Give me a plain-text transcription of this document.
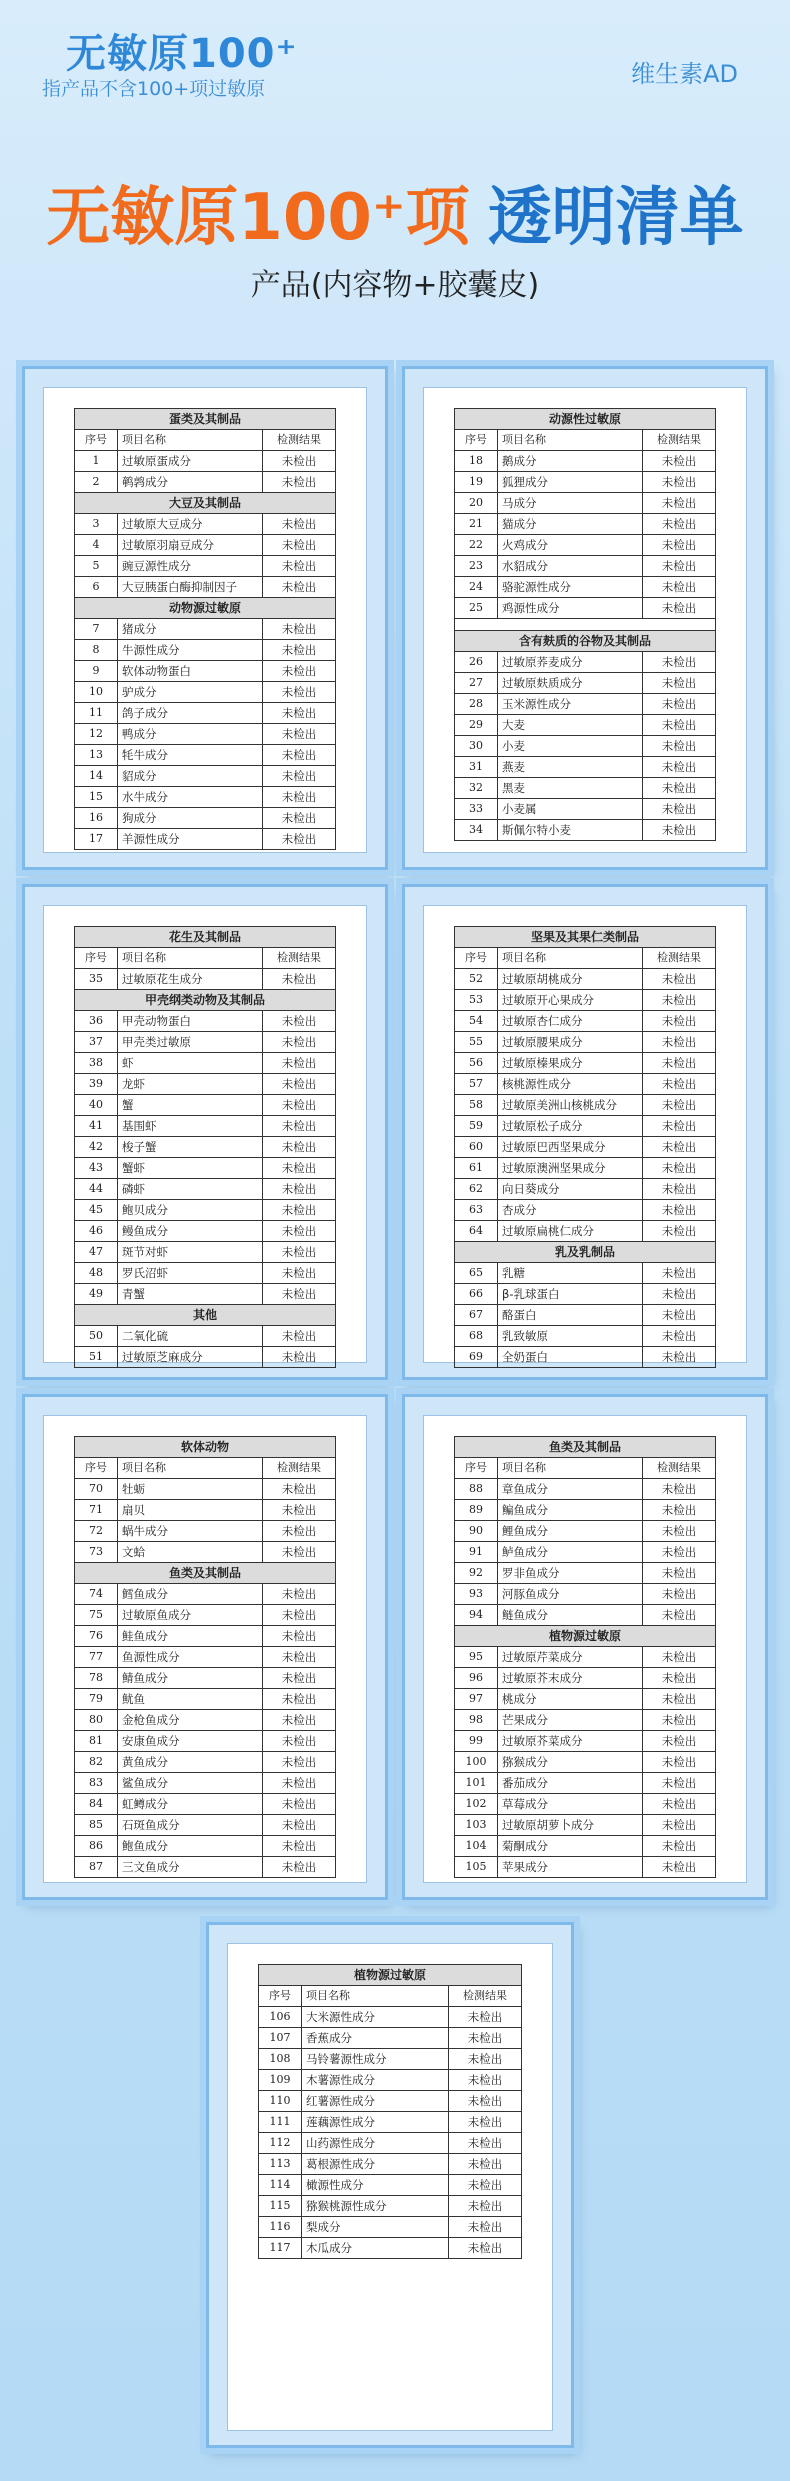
无敏原100⁺
指产品不含100+项过敏原
维生素AD
无敏原100⁺项 透明清单
产品(内容物+胶囊皮)
蛋类及其制品		
序号	项目名称	检测结果
1	过敏原蛋成分	未检出
2	鹌鹑成分	未检出
大豆及其制品		
3	过敏原大豆成分	未检出
4	过敏原羽扇豆成分	未检出
5	豌豆源性成分	未检出
6	大豆胰蛋白酶抑制因子	未检出
动物源过敏原		
7	猪成分	未检出
8	牛源性成分	未检出
9	软体动物蛋白	未检出
10	驴成分	未检出
11	鸽子成分	未检出
12	鸭成分	未检出
13	牦牛成分	未检出
14	貂成分	未检出
15	水牛成分	未检出
16	狗成分	未检出
17	羊源性成分	未检出
动源性过敏原		
序号	项目名称	检测结果
18	鹅成分	未检出
19	狐狸成分	未检出
20	马成分	未检出
21	猫成分	未检出
22	火鸡成分	未检出
23	水貂成分	未检出
24	骆驼源性成分	未检出
25	鸡源性成分	未检出

含有麸质的谷物及其制品		
26	过敏原荞麦成分	未检出
27	过敏原麸质成分	未检出
28	玉米源性成分	未检出
29	大麦	未检出
30	小麦	未检出
31	燕麦	未检出
32	黑麦	未检出
33	小麦属	未检出
34	斯佩尔特小麦	未检出
花生及其制品		
序号	项目名称	检测结果
35	过敏原花生成分	未检出
甲壳纲类动物及其制品		
36	甲壳动物蛋白	未检出
37	甲壳类过敏原	未检出
38	虾	未检出
39	龙虾	未检出
40	蟹	未检出
41	基围虾	未检出
42	梭子蟹	未检出
43	蟹虾	未检出
44	磷虾	未检出
45	鲍贝成分	未检出
46	鳗鱼成分	未检出
47	斑节对虾	未检出
48	罗氏沼虾	未检出
49	青蟹	未检出
其他		
50	二氧化硫	未检出
51	过敏原芝麻成分	未检出
坚果及其果仁类制品		
序号	项目名称	检测结果
52	过敏原胡桃成分	未检出
53	过敏原开心果成分	未检出
54	过敏原杏仁成分	未检出
55	过敏原腰果成分	未检出
56	过敏原榛果成分	未检出
57	核桃源性成分	未检出
58	过敏原美洲山核桃成分	未检出
59	过敏原松子成分	未检出
60	过敏原巴西坚果成分	未检出
61	过敏原澳洲坚果成分	未检出
62	向日葵成分	未检出
63	杏成分	未检出
64	过敏原扁桃仁成分	未检出
乳及乳制品		
65	乳糖	未检出
66	β-乳球蛋白	未检出
67	酪蛋白	未检出
68	乳致敏原	未检出
69	全奶蛋白	未检出
软体动物		
序号	项目名称	检测结果
70	牡蛎	未检出
71	扇贝	未检出
72	蜗牛成分	未检出
73	文蛤	未检出
鱼类及其制品		
74	鳕鱼成分	未检出
75	过敏原鱼成分	未检出
76	鲑鱼成分	未检出
77	鱼源性成分	未检出
78	鲭鱼成分	未检出
79	鱿鱼	未检出
80	金枪鱼成分	未检出
81	安康鱼成分	未检出
82	黄鱼成分	未检出
83	鲨鱼成分	未检出
84	虹鳟成分	未检出
85	石斑鱼成分	未检出
86	鲍鱼成分	未检出
87	三文鱼成分	未检出
鱼类及其制品		
序号	项目名称	检测结果
88	章鱼成分	未检出
89	鳊鱼成分	未检出
90	鲤鱼成分	未检出
91	鲈鱼成分	未检出
92	罗非鱼成分	未检出
93	河豚鱼成分	未检出
94	鲢鱼成分	未检出
植物源过敏原		
95	过敏原芹菜成分	未检出
96	过敏原芥末成分	未检出
97	桃成分	未检出
98	芒果成分	未检出
99	过敏原芥菜成分	未检出
100	猕猴成分	未检出
101	番茄成分	未检出
102	草莓成分	未检出
103	过敏原胡萝卜成分	未检出
104	菊酮成分	未检出
105	苹果成分	未检出
植物源过敏原		
序号	项目名称	检测结果
106	大米源性成分	未检出
107	香蕉成分	未检出
108	马铃薯源性成分	未检出
109	木薯源性成分	未检出
110	红薯源性成分	未检出
111	莲藕源性成分	未检出
112	山药源性成分	未检出
113	葛根源性成分	未检出
114	橄源性成分	未检出
115	猕猴桃源性成分	未检出
116	梨成分	未检出
117	木瓜成分	未检出
